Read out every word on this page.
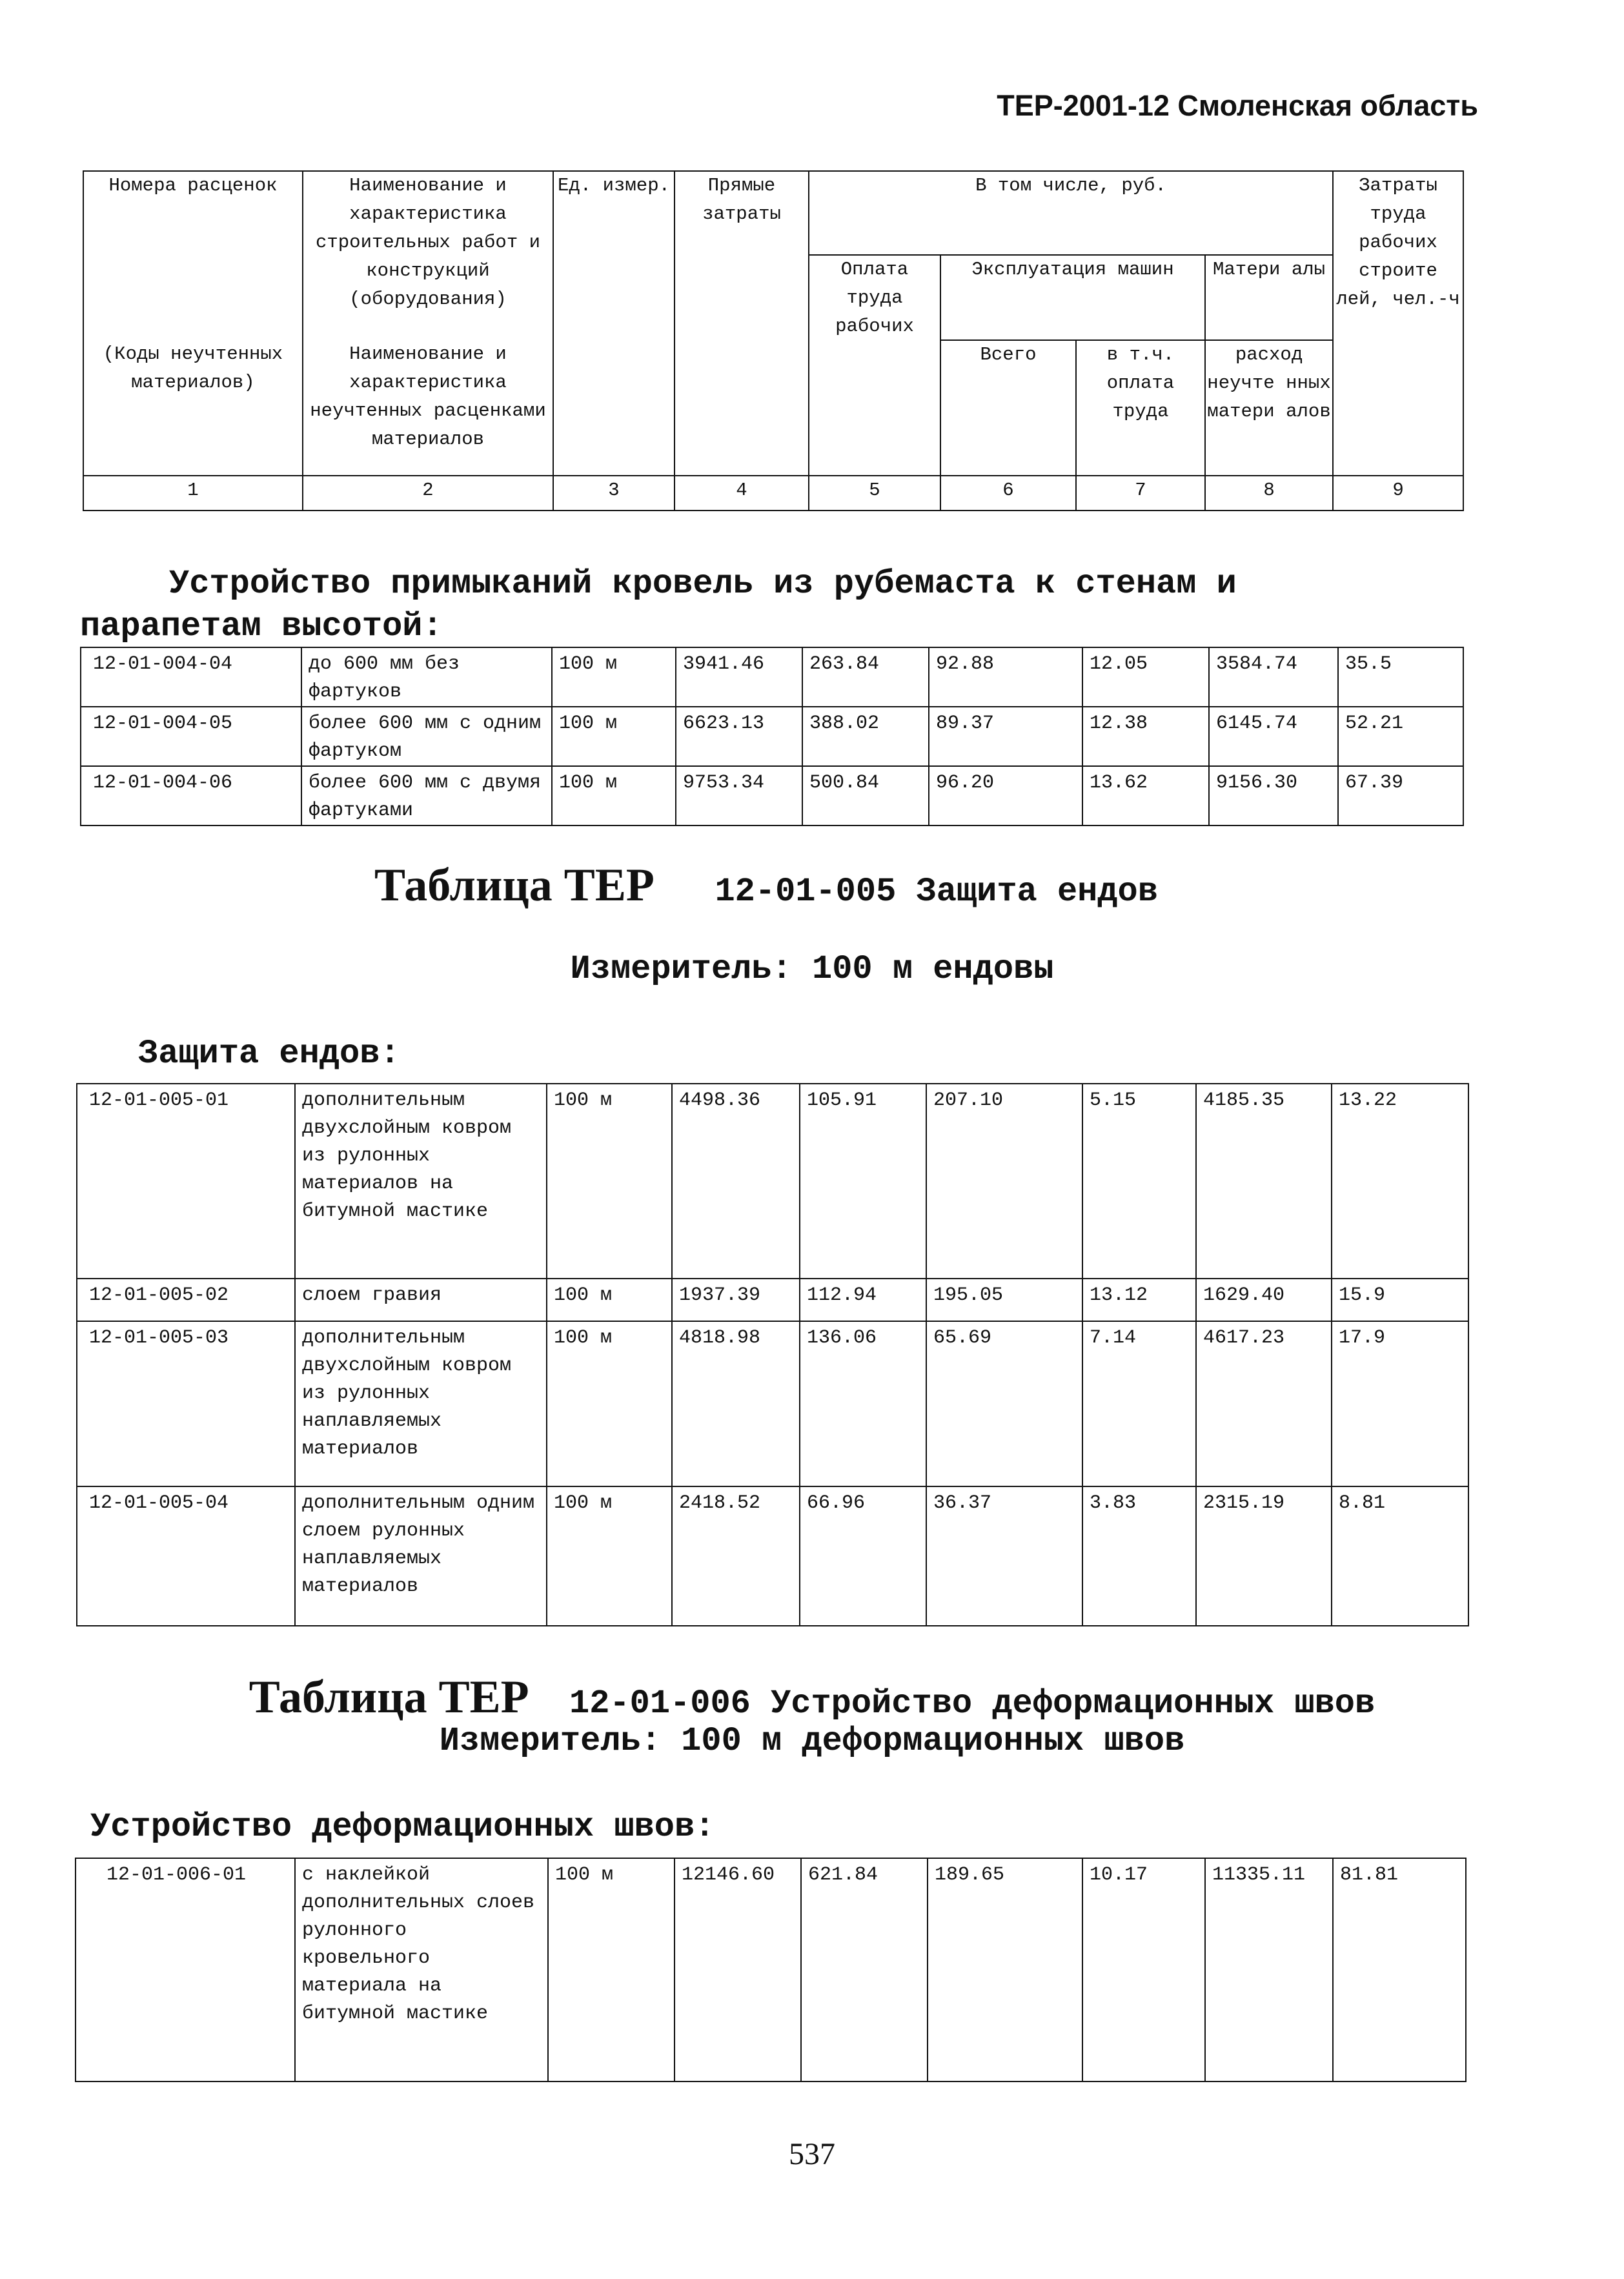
ТЕР-2001-12 Смоленская область
Номера расценок	Наименование и характеристика строительных работ и конструкций (оборудования)	Ед. измер.	Прямые затраты	В том числе, руб.				Затраты труда рабочих строите лей, чел.-ч
				Оплата труда рабочих	Эксплуатация машин		Матери алы	
(Коды неучтенных материалов)	Наименование и характеристика неучтенных расценками материалов				Всего	в т.ч. оплата труда	расход неучте нных матери алов	

1	2	3	4	5	6	7	8	9
Устройство примыканий кровель из рубемаста к стенам и
парапетам высотой:
12-01-004-04	до 600 мм без фартуков	100 м	3941.46	263.84	92.88	12.05	3584.74	35.5
12-01-004-05	более 600 мм с одним фартуком	100 м	6623.13	388.02	89.37	12.38	6145.74	52.21
12-01-004-06	более 600 мм с двумя фартуками	100 м	9753.34	500.84	96.20	13.62	9156.30	67.39
Таблица ТЕР 12-01-005 Защита ендов
Измеритель: 100 м ендовы
Защита ендов:
12-01-005-01	дополнительным двухслойным ковром из рулонных материалов на битумной мастике	100 м	4498.36	105.91	207.10	5.15	4185.35	13.22
12-01-005-02	слоем гравия	100 м	1937.39	112.94	195.05	13.12	1629.40	15.9
12-01-005-03	дополнительным двухслойным ковром из рулонных наплавляемых материалов	100 м	4818.98	136.06	65.69	7.14	4617.23	17.9
12-01-005-04	дополнительным одним слоем рулонных наплавляемых материалов	100 м	2418.52	66.96	36.37	3.83	2315.19	8.81
Таблица ТЕР 12-01-006 Устройство деформационных швов
Измеритель: 100 м деформационных швов
Устройство деформационных швов:
12-01-006-01	с наклейкой дополнительных слоев рулонного кровельного материала на битумной мастике	100 м	12146.60	621.84	189.65	10.17	11335.11	81.81
537
